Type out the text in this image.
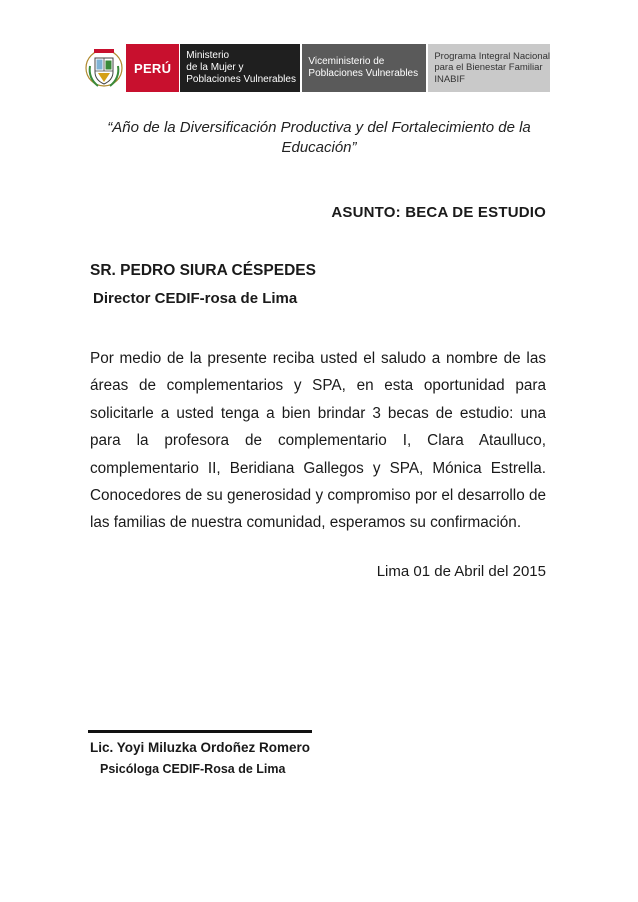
PERÚ
Ministerio
de la Mujer y
Poblaciones Vulnerables
Viceministerio de
Poblaciones Vulnerables
Programa Integral Nacional
para el Bienestar Familiar
INABIF
“Año de la Diversificación Productiva y del Fortalecimiento de la Educación”
ASUNTO: BECA DE ESTUDIO
SR. PEDRO SIURA CÉSPEDES
Director CEDIF-rosa de Lima
Por medio de la presente reciba usted el saludo a nombre de las áreas de complementarios y SPA, en esta oportunidad para solicitarle a usted tenga a bien brindar 3 becas de estudio: una para la profesora de complementario I, Clara Ataulluco, complementario II, Beridiana Gallegos y SPA, Mónica Estrella. Conocedores de su generosidad y compromiso por el desarrollo de las familias de nuestra comunidad, esperamos su confirmación.
Lima 01 de Abril del 2015
Lic. Yoyi Miluzka Ordoñez Romero
Psicóloga CEDIF-Rosa de Lima
